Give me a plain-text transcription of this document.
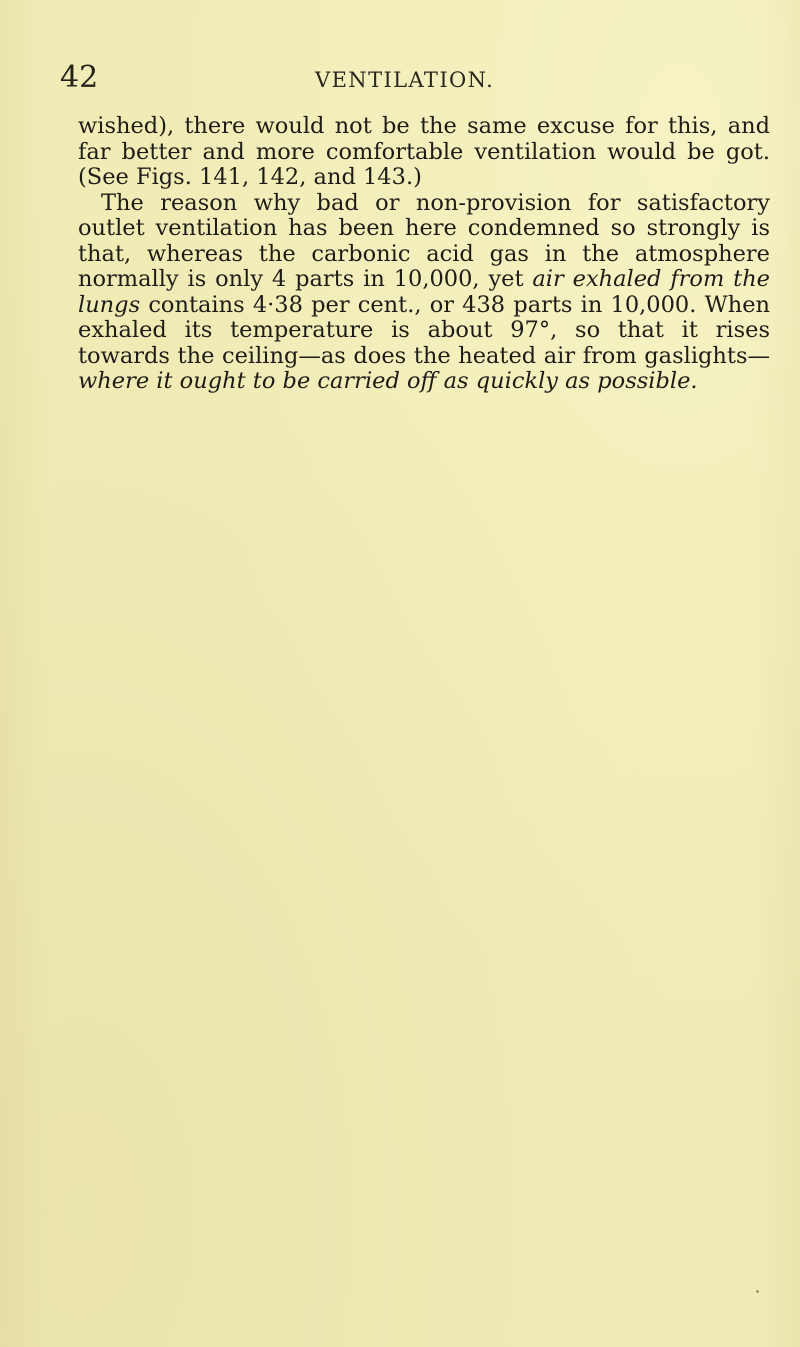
42	VENTILATION.

wished), there would not be the same excuse for this, and far better and more comfortable ventilation would be got. (See Figs. 141, 142, and 143.)

The reason why bad or non-provision for satisfactory outlet ventilation has been here condemned so strongly is that, whereas the carbonic acid gas in the atmosphere normally is only 4 parts in 10,000, yet air exhaled from the lungs contains 4·38 per cent., or 438 parts in 10,000. When exhaled its temperature is about 97°, so that it rises towards the ceiling—as does the heated air from gaslights—where it ought to be carried off as quickly as possible.
